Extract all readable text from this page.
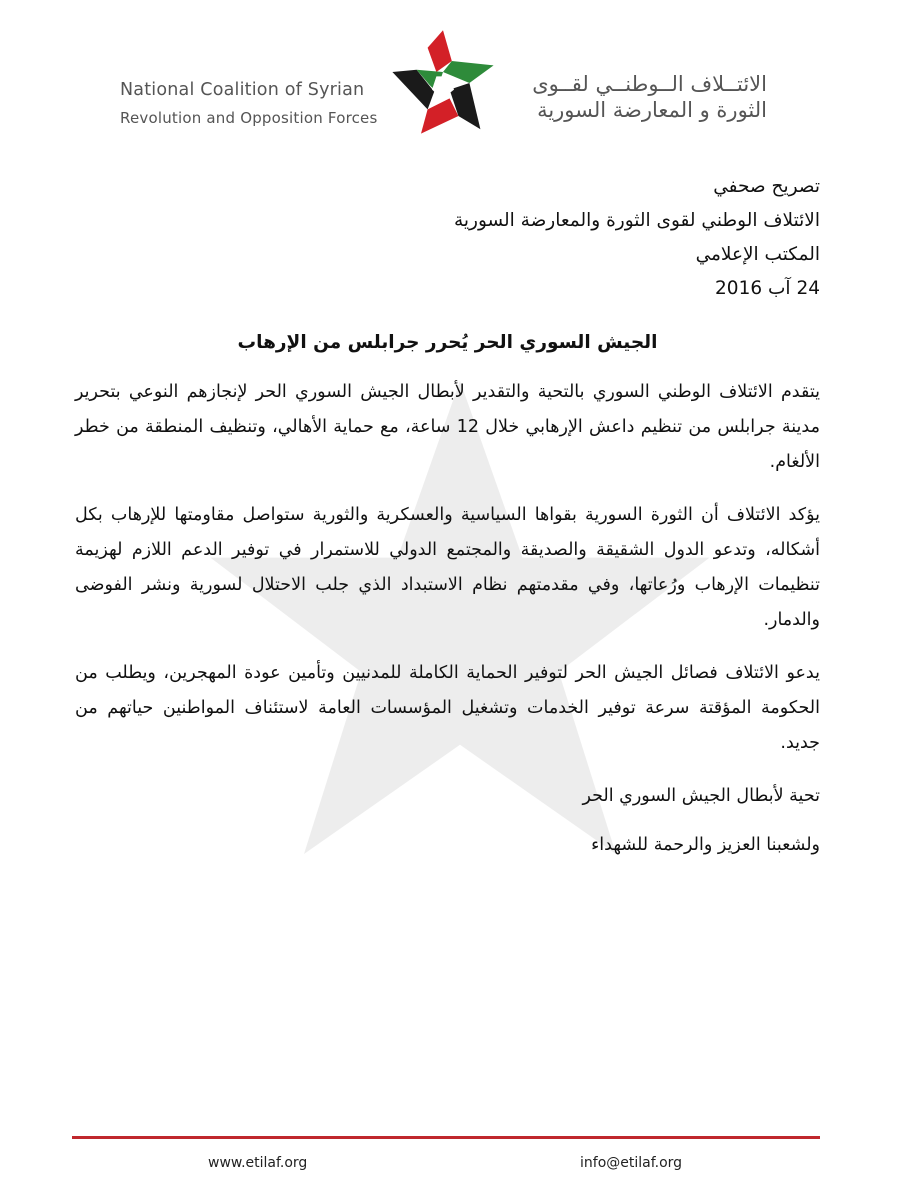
National Coalition of Syrian
Revolution and Opposition Forces
الائتــلاف الــوطنــي لقــوى
الثورة و المعارضة السورية
تصريح صحفي
الائتلاف الوطني لقوى الثورة والمعارضة السورية
المكتب الإعلامي
24 آب 2016
الجيش السوري الحر يُحرر جرابلس من الإرهاب

يتقدم الائتلاف الوطني السوري بالتحية والتقدير لأبطال الجيش السوري الحر لإنجازهم النوعي بتحرير مدينة جرابلس من تنظيم داعش الإرهابي خلال 12 ساعة، مع حماية الأهالي، وتنظيف المنطقة من خطر الألغام.

يؤكد الائتلاف أن الثورة السورية بقواها السياسية والعسكرية والثورية ستواصل مقاومتها للإرهاب بكل أشكاله، وتدعو الدول الشقيقة والصديقة والمجتمع الدولي للاستمرار في توفير الدعم اللازم لهزيمة تنظيمات الإرهاب ورُعاتها، وفي مقدمتهم نظام الاستبداد الذي جلب الاحتلال لسورية ونشر الفوضى والدمار.

يدعو الائتلاف فصائل الجيش الحر لتوفير الحماية الكاملة للمدنيين وتأمين عودة المهجرين، ويطلب من الحكومة المؤقتة سرعة توفير الخدمات وتشغيل المؤسسات العامة لاستئناف المواطنين حياتهم من جديد.

تحية لأبطال الجيش السوري الحر
ولشعبنا العزيز والرحمة للشهداء
www.etilaf.org	info@etilaf.org
